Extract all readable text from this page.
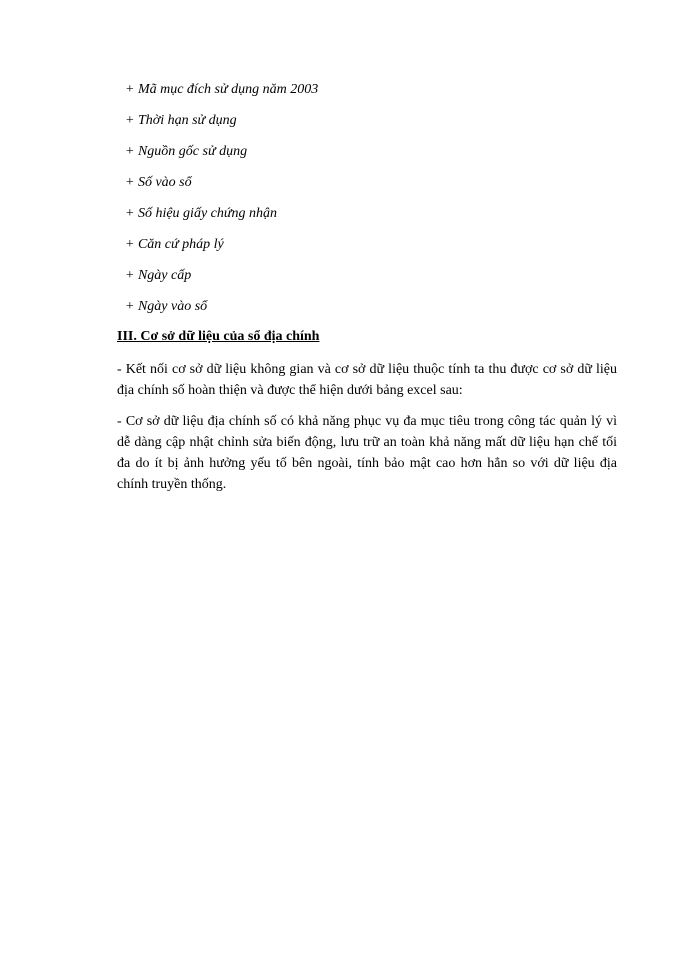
+ Mã mục đích sử dụng năm 2003
+ Thời hạn sử dụng
+ Nguồn gốc sử dụng
+ Số vào sổ
+ Số hiệu giấy chứng nhận
+ Căn cứ pháp lý
+ Ngày cấp
+ Ngày vào sổ
III. Cơ sở dữ liệu của sổ địa chính

- Kết nối cơ sở dữ liệu không gian và cơ sở dữ liệu thuộc tính ta thu được cơ sở dữ liệu địa chính số hoàn thiện và được thể hiện dưới bảng excel sau:

- Cơ sở dữ liệu địa chính số có khả năng phục vụ đa mục tiêu trong công tác quản lý vì dễ dàng cập nhật chỉnh sửa biến động, lưu trữ an toàn khả năng mất dữ liệu hạn chế tối đa do ít bị ảnh hưởng yếu tố bên ngoài, tính bảo mật cao hơn hẳn so với dữ liệu địa chính truyền thống.
